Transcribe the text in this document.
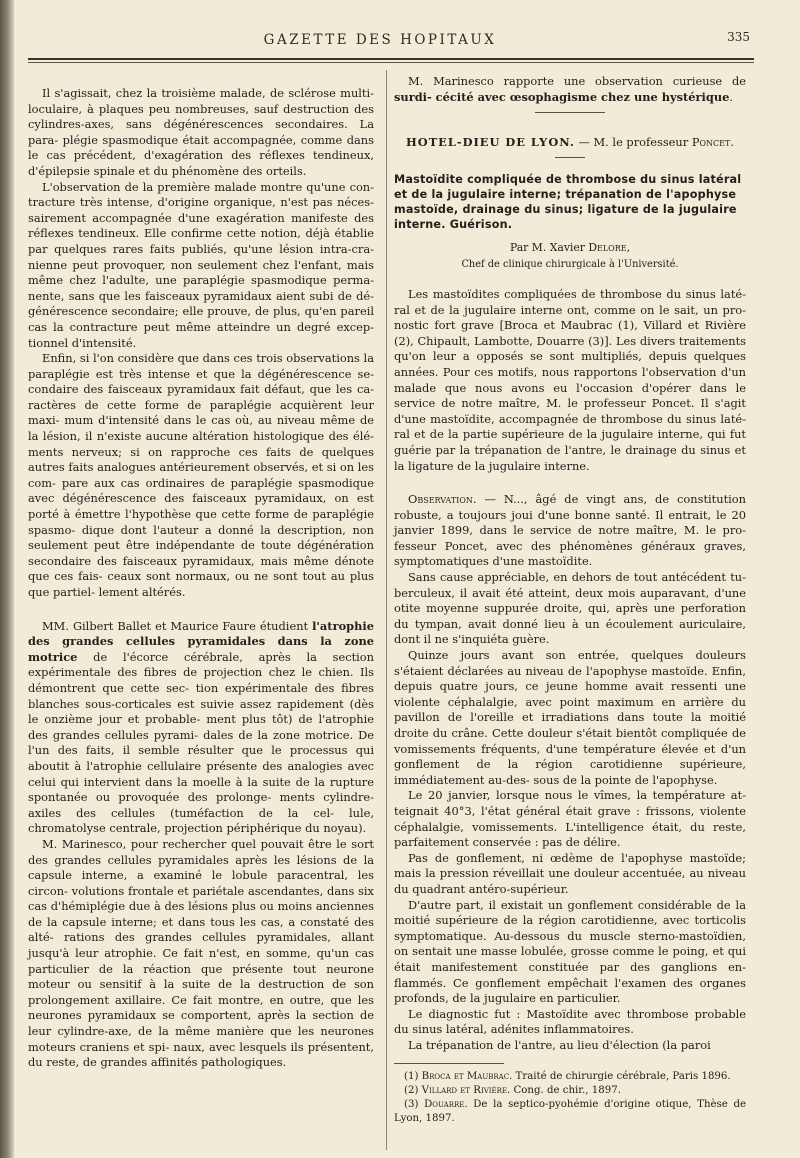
GAZETTE DES HOPITAUX	335

Il s'agissait, chez la troisième malade, de sclérose multi- loculaire, à plaques peu nombreuses, sauf destruction des cylindres-axes, sans dégénérescences secondaires. La para- plégie spasmodique était accompagnée, comme dans le cas précédent, d'exagération des réflexes tendineux, d'épilepsie spinale et du phénomène des orteils.

L'observation de la première malade montre qu'une con- tracture très intense, d'origine organique, n'est pas néces- sairement accompagnée d'une exagération manifeste des réflexes tendineux. Elle confirme cette notion, déjà établie par quelques rares faits publiés, qu'une lésion intra-cra- nienne peut provoquer, non seulement chez l'enfant, mais même chez l'adulte, une paraplégie spasmodique perma- nente, sans que les faisceaux pyramidaux aient subi de dé- générescence secondaire; elle prouve, de plus, qu'en pareil cas la contracture peut même atteindre un degré excep- tionnel d'intensité.

Enfin, si l'on considère que dans ces trois observations la paraplégie est très intense et que la dégénérescence se- condaire des faisceaux pyramidaux fait défaut, que les ca- ractères de cette forme de paraplégie acquièrent leur maxi- mum d'intensité dans le cas où, au niveau même de la lésion, il n'existe aucune altération histologique des élé- ments nerveux; si on rapproche ces faits de quelques autres faits analogues antérieurement observés, et si on les com- pare aux cas ordinaires de paraplégie spasmodique avec dégénérescence des faisceaux pyramidaux, on est porté à émettre l'hypothèse que cette forme de paraplégie spasmo- dique dont l'auteur a donné la description, non seulement peut être indépendante de toute dégénération secondaire des faisceaux pyramidaux, mais même dénote que ces fais- ceaux sont normaux, ou ne sont tout au plus que partiel- lement altérés.

MM. Gilbert Ballet et Maurice Faure étudient l'atrophie des grandes cellules pyramidales dans la zone motrice de l'écorce cérébrale, après la section expérimentale des fibres de projection chez le chien. Ils démontrent que cette sec- tion expérimentale des fibres blanches sous-corticales est suivie assez rapidement (dès le onzième jour et probable- ment plus tôt) de l'atrophie des grandes cellules pyrami- dales de la zone motrice. De l'un des faits, il semble résulter que le processus qui aboutit à l'atrophie cellulaire présente des analogies avec celui qui intervient dans la moelle à la suite de la rupture spontanée ou provoquée des prolonge- ments cylindre-axiles des cellules (tuméfaction de la cel- lule, chromatolyse centrale, projection périphérique du noyau).

M. Marinesco, pour rechercher quel pouvait être le sort des grandes cellules pyramidales après les lésions de la capsule interne, a examiné le lobule paracentral, les circon- volutions frontale et pariétale ascendantes, dans six cas d'hémiplégie due à des lésions plus ou moins anciennes de la capsule interne; et dans tous les cas, a constaté des alté- rations des grandes cellules pyramidales, allant jusqu'à leur atrophie. Ce fait n'est, en somme, qu'un cas particulier de la réaction que présente tout neurone moteur ou sensitif à la suite de la destruction de son prolongement axillaire. Ce fait montre, en outre, que les neurones pyramidaux se comportent, après la section de leur cylindre-axe, de la même manière que les neurones moteurs craniens et spi- naux, avec lesquels ils présentent, du reste, de grandes affinités pathologiques.

M. Marinesco rapporte une observation curieuse de surdi- cécité avec œsophagisme chez une hystérique.

HOTEL-DIEU DE LYON. — M. le professeur Poncet.
Mastoïdite compliquée de thrombose du sinus latéral et de la jugulaire interne; trépanation de l'apophyse mastoïde, drainage du sinus; ligature de la jugulaire interne. Guérison.
Par M. Xavier Delore,
Chef de clinique chirurgicale à l'Université.

Les mastoïdites compliquées de thrombose du sinus laté- ral et de la jugulaire interne ont, comme on le sait, un pro- nostic fort grave [Broca et Maubrac (1), Villard et Rivière (2), Chipault, Lambotte, Douarre (3)]. Les divers traitements qu'on leur a opposés se sont multipliés, depuis quelques années. Pour ces motifs, nous rapportons l'observation d'un malade que nous avons eu l'occasion d'opérer dans le service de notre maître, M. le professeur Poncet. Il s'agit d'une mastoïdite, accompagnée de thrombose du sinus laté- ral et de la partie supérieure de la jugulaire interne, qui fut guérie par la trépanation de l'antre, le drainage du sinus et la ligature de la jugulaire interne.

Observation. — N..., âgé de vingt ans, de constitution robuste, a toujours joui d'une bonne santé. Il entrait, le 20 janvier 1899, dans le service de notre maître, M. le pro- fesseur Poncet, avec des phénomènes généraux graves, symptomatiques d'une mastoïdite.

Sans cause appréciable, en dehors de tout antécédent tu- berculeux, il avait été atteint, deux mois auparavant, d'une otite moyenne suppurée droite, qui, après une perforation du tympan, avait donné lieu à un écoulement auriculaire, dont il ne s'inquiéta guère.

Quinze jours avant son entrée, quelques douleurs s'étaient déclarées au niveau de l'apophyse mastoïde. Enfin, depuis quatre jours, ce jeune homme avait ressenti une violente céphalalgie, avec point maximum en arrière du pavillon de l'oreille et irradiations dans toute la moitié droite du crâne. Cette douleur s'était bientôt compliquée de vomissements fréquents, d'une température élevée et d'un gonflement de la région carotidienne supérieure, immédiatement au-des- sous de la pointe de l'apophyse.

Le 20 janvier, lorsque nous le vîmes, la température at- teignait 40°3, l'état général était grave : frissons, violente céphalalgie, vomissements. L'intelligence était, du reste, parfaitement conservée : pas de délire.

Pas de gonflement, ni œdème de l'apophyse mastoïde; mais la pression réveillait une douleur accentuée, au niveau du quadrant antéro-supérieur.

D'autre part, il existait un gonflement considérable de la moitié supérieure de la région carotidienne, avec torticolis symptomatique. Au-dessous du muscle sterno-mastoïdien, on sentait une masse lobulée, grosse comme le poing, et qui était manifestement constituée par des ganglions en- flammés. Ce gonflement empêchait l'examen des organes profonds, de la jugulaire en particulier.

Le diagnostic fut : Mastoïdite avec thrombose probable du sinus latéral, adénites inflammatoires.

La trépanation de l'antre, au lieu d'élection (la paroi

(1) Broca et Maubrac. Traité de chirurgie cérébrale, Paris 1896.
(2) Villard et Rivière. Cong. de chir., 1897.
(3) Douarre. De la septico-pyohémie d'origine otique, Thèse de Lyon, 1897.
